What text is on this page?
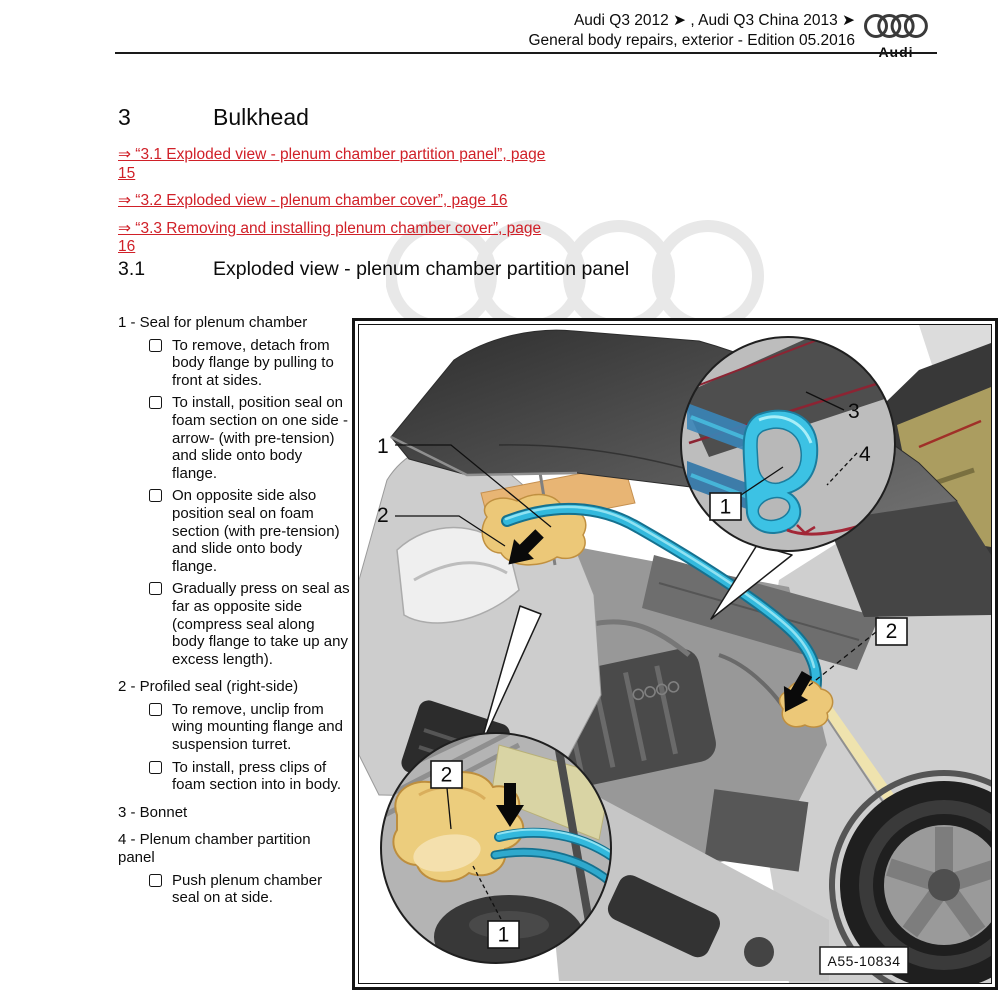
Audi Q3 2012 ➤ , Audi Q3 China 2013 ➤
General body repairs, exterior - Edition 05.2016
Audi
3	Bulkhead
⇒ “3.1 Exploded view - plenum chamber partition panel”, page 15
⇒ “3.2 Exploded view - plenum chamber cover”, page 16
⇒ “3.3 Removing and installing plenum chamber cover”, page 16
3.1	Exploded view - plenum chamber partition panel
1 - Seal for plenum chamber
To remove, detach from body flange by pulling to front at sides.
To install, position seal on foam section on one side -arrow- (with pre-tension) and slide onto body flange.
On opposite side also position seal on foam section (with pre-tension) and slide onto body flange.
Gradually press on seal as far as opposite side (compress seal along body flange to take up any excess length).
2 - Profiled seal (right-side)
To remove, unclip from wing mounting flange and suspension turret.
To install, press clips of foam section into in body.
3 - Bonnet
4 - Plenum chamber partition panel
Push plenum chamber seal on at side.
3
4
1
2
1
1
2
2
A55-10834
